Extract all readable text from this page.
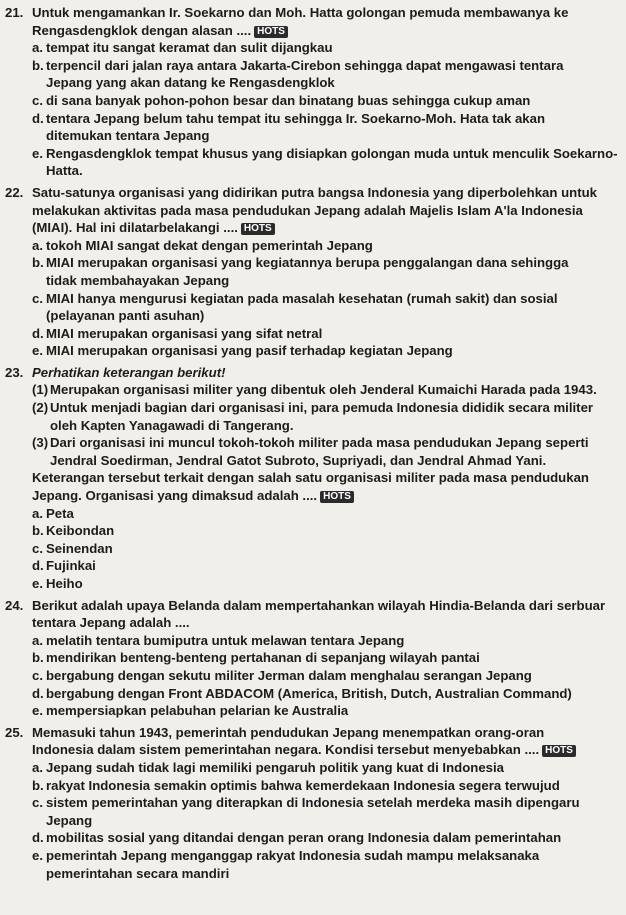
21. Untuk mengamankan Ir. Soekarno dan Moh. Hatta golongan pemuda membawanya ke
Rengasdengklok dengan alasan .... HOTS
a. tempat itu sangat keramat dan sulit dijangkau
b. terpencil dari jalan raya antara Jakarta-Cirebon sehingga dapat mengawasi tentara
Jepang yang akan datang ke Rengasdengklok
c. di sana banyak pohon-pohon besar dan binatang buas sehingga cukup aman
d. tentara Jepang belum tahu tempat itu sehingga Ir. Soekarno-Moh. Hata tak akan
ditemukan tentara Jepang
e. Rengasdengklok tempat khusus yang disiapkan golongan muda untuk menculik Soekarno-
Hatta.
22. Satu-satunya organisasi yang didirikan putra bangsa Indonesia yang diperbolehkan untuk
melakukan aktivitas pada masa pendudukan Jepang adalah Majelis Islam A'la Indonesia
(MIAI). Hal ini dilatarbelakangi .... HOTS
a. tokoh MIAI sangat dekat dengan pemerintah Jepang
b. MIAI merupakan organisasi yang kegiatannya berupa penggalangan dana sehingga
tidak membahayakan Jepang
c. MIAI hanya mengurusi kegiatan pada masalah kesehatan (rumah sakit) dan sosial
(pelayanan panti asuhan)
d. MIAI merupakan organisasi yang sifat netral
e. MIAI merupakan organisasi yang pasif terhadap kegiatan Jepang
23. Perhatikan keterangan berikut!
(1) Merupakan organisasi militer yang dibentuk oleh Jenderal Kumaichi Harada pada 1943.
(2) Untuk menjadi bagian dari organisasi ini, para pemuda Indonesia dididik secara militer
oleh Kapten Yanagawadi di Tangerang.
(3) Dari organisasi ini muncul tokoh-tokoh militer pada masa pendudukan Jepang seperti
Jendral Soedirman, Jendral Gatot Subroto, Supriyadi, dan Jendral Ahmad Yani.
Keterangan tersebut terkait dengan salah satu organisasi militer pada masa pendudukan
Jepang. Organisasi yang dimaksud adalah .... HOTS
a. Peta
b. Keibondan
c. Seinendan
d. Fujinkai
e. Heiho
24. Berikut adalah upaya Belanda dalam mempertahankan wilayah Hindia-Belanda dari serbuar
tentara Jepang adalah ....
a. melatih tentara bumiputra untuk melawan tentara Jepang
b. mendirikan benteng-benteng pertahanan di sepanjang wilayah pantai
c. bergabung dengan sekutu militer Jerman dalam menghalau serangan Jepang
d. bergabung dengan Front ABDACOM (America, British, Dutch, Australian Command)
e. mempersiapkan pelabuhan pelarian ke Australia
25. Memasuki tahun 1943, pemerintah pendudukan Jepang menempatkan orang-oran
Indonesia dalam sistem pemerintahan negara. Kondisi tersebut menyebabkan .... HOTS
a. Jepang sudah tidak lagi memiliki pengaruh politik yang kuat di Indonesia
b. rakyat Indonesia semakin optimis bahwa kemerdekaan Indonesia segera terwujud
c. sistem pemerintahan yang diterapkan di Indonesia setelah merdeka masih dipengaru
Jepang
d. mobilitas sosial yang ditandai dengan peran orang Indonesia dalam pemerintahan
e. pemerintah Jepang menganggap rakyat Indonesia sudah mampu melaksanaka
pemerintahan secara mandiri
